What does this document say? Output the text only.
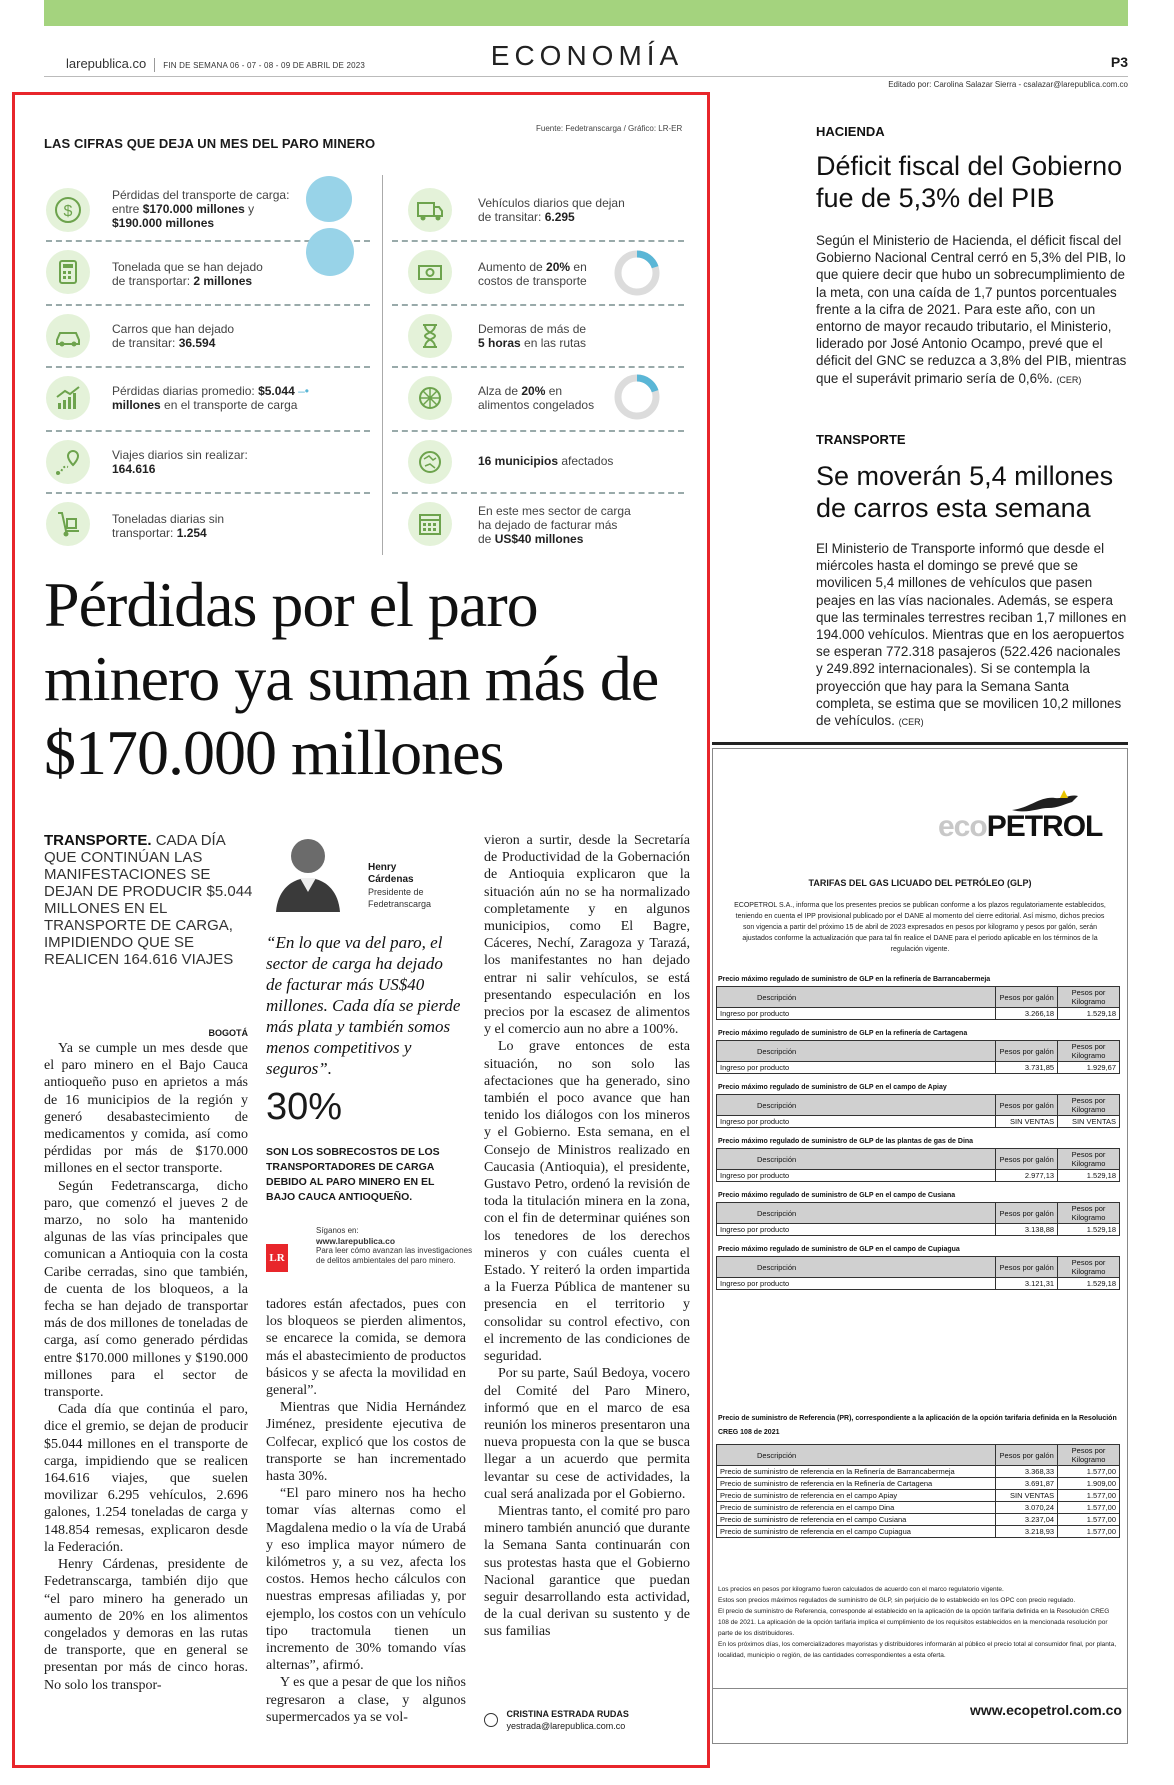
larepublica.co FIN DE SEMANA 06 - 07 - 08 - 09 DE ABRIL DE 2023	ECONOMÍA	P3
Editado por: Carolina Salazar Sierra - csalazar@larepublica.com.co
LAS CIFRAS QUE DEJA UN MES DEL PARO MINERO
Fuente: Fedetranscarga / Gráfico: LR-ER
$
Pérdidas del transporte de carga:
entre $170.000 millones y
$190.000 millones
Tonelada que se han dejado
de transportar: 2 millones
Carros que han dejado
de transitar: 36.594
Pérdidas diarias promedio: $5.044 –•
millones en el transporte de carga
Viajes diarios sin realizar:
164.616
Toneladas diarias sin
transportar: 1.254
Vehículos diarios que dejan
de transitar: 6.295
Aumento de 20% en
costos de transporte
Demoras de más de
5 horas en las rutas
Alza de 20% en
alimentos congelados
16 municipios afectados
En este mes sector de carga
ha dejado de facturar más
de US$40 millones
Pérdidas por el paro minero ya suman más de $170.000 millones
TRANSPORTE. CADA DÍA QUE CONTINÚAN LAS MANIFESTACIONES SE DEJAN DE PRODUCIR $5.044 MILLONES EN EL TRANSPORTE DE CARGA, IMPIDIENDO QUE SE REALICEN 164.616 VIAJES
BOGOTÁ

Ya se cumple un mes desde que el paro minero en el Bajo Cauca antioqueño puso en aprietos a más de 16 municipios de la región y generó desabastecimiento de medicamentos y comida, así como pérdidas por más de $170.000 millones en el sector transporte.

Según Fedetranscarga, dicho paro, que comenzó el jueves 2 de marzo, no solo ha mantenido algunas de las vías principales que comunican a Antioquia con la costa Caribe cerradas, sino que también, de cuenta de los bloqueos, a la fecha se han dejado de transportar más de dos millones de toneladas de carga, así como generado pérdidas entre $170.000 millones y $190.000 millones para el sector de transporte.

Cada día que continúa el paro, dice el gremio, se dejan de producir $5.044 millones en el transporte de carga, impidiendo que se realicen 164.616 viajes, que suelen movilizar 6.295 vehículos, 2.696 galones, 1.254 toneladas de carga y 148.854 remesas, explicaron desde la Federación.

Henry Cárdenas, presidente de Fedetranscarga, también dijo que “el paro minero ha generado un aumento de 20% en los alimentos congelados y demoras en las rutas de transporte, que en general se presentan por más de cinco horas. No solo los transpor-

Henry Cárdenas
Presidente de Fedetranscarga
“En lo que va del paro, el sector de carga ha dejado de facturar más US$40 millones. Cada día se pierde más plata y también somos menos competitivos y seguros”.
30%
SON LOS SOBRECOSTOS DE LOS TRANSPORTADORES DE CARGA DEBIDO AL PARO MINERO EN EL BAJO CAUCA ANTIOQUEÑO.
Síganos en:
www.larepublica.co
Para leer cómo avanzan las investigaciones de delitos ambientales del paro minero.
LR

tadores están afectados, pues con los bloqueos se pierden alimentos, se encarece la comida, se demora más el abastecimiento de productos básicos y se afecta la movilidad en general”.

Mientras que Nidia Hernández Jiménez, presidente ejecutiva de Colfecar, explicó que los costos de transporte se han incrementado hasta 30%.

“El paro minero nos ha hecho tomar vías alternas como el Magdalena medio o la vía de Urabá y eso implica mayor número de kilómetros y, a su vez, afecta los costos. Hemos hecho cálculos con nuestras empresas afiliadas y, por ejemplo, los costos con un vehículo tipo tractomula tienen un incremento de 30% tomando vías alternas”, afirmó.

Y es que a pesar de que los niños regresaron a clase, y algunos supermercados ya se vol-

vieron a surtir, desde la Secretaría de Productividad de la Gobernación de Antioquia explicaron que la situación aún no se ha normalizado completamente y en algunos municipios, como El Bagre, Cáceres, Nechí, Zaragoza y Tarazá, los manifestantes no han dejado entrar ni salir vehículos, se está presentando especulación en los precios por la escasez de alimentos y el comercio aun no abre a 100%.

Lo grave entonces de esta situación, no son solo las afectaciones que ha generado, sino también el poco avance que han tenido los diálogos con los mineros y el Gobierno. Esta semana, en el Consejo de Ministros realizado en Caucasia (Antioquia), el presidente, Gustavo Petro, ordenó la revisión de toda la titulación minera en la zona, con el fin de determinar quiénes son los tenedores de los derechos mineros y con cuáles cuenta el Estado. Y reiteró la orden impartida a la Fuerza Pública de mantener su presencia en el territorio y consolidar su control efectivo, con el incremento de las condiciones de seguridad.

Por su parte, Saúl Bedoya, vocero del Comité del Paro Minero, informó que en el marco de esa reunión los mineros presentaron una nueva propuesta con la que se busca llegar a un acuerdo que permita levantar su cese de actividades, la cual será analizada por el Gobierno.

Mientras tanto, el comité pro paro minero también anunció que durante la Semana Santa continuarán con sus protestas hasta que el Gobierno Nacional garantice que puedan seguir desarrollando esta actividad, de la cual derivan su sustento y de sus familias

CRISTINA ESTRADA RUDAS
yestrada@larepublica.com.co
HACIENDA
Déficit fiscal del Gobierno fue de 5,3% del PIB
Según el Ministerio de Hacienda, el déficit fiscal del Gobierno Nacional Central cerró en 5,3% del PIB, lo que quiere decir que hubo un sobrecumplimiento de la meta, con una caída de 1,7 puntos porcentuales frente a la cifra de 2021. Para este año, con un entorno de mayor recaudo tributario, el Ministerio, liderado por José Antonio Ocampo, prevé que el déficit del GNC se reduzca a 3,8% del PIB, mientras que el superávit primario sería de 0,6%. (CER)
TRANSPORTE
Se moverán 5,4 millones de carros esta semana
El Ministerio de Transporte informó que desde el miércoles hasta el domingo se prevé que se movilicen 5,4 millones de vehículos que pasen peajes en las vías nacionales. Además, se espera que las terminales terrestres reciban 1,7 millones en 194.000 vehículos. Mientras que en los aeropuertos se esperan 772.318 pasajeros (522.426 nacionales y 249.892 internacionales). Si se contempla la proyección que hay para la Semana Santa completa, se estima que se movilicen 10,2 millones de vehículos. (CER)
ecoPETROL
TARIFAS DEL GAS LICUADO DEL PETRÓLEO (GLP)
ECOPETROL S.A., informa que los presentes precios se publican conforme a los plazos regulatoriamente establecidos, teniendo en cuenta el IPP provisional publicado por el DANE al momento del cierre editorial. Así mismo, dichos precios son vigencia a partir del próximo 15 de abril de 2023 expresados en pesos por kilogramo y pesos por galón, serán ajustados conforme la actualización que para tal fin realice el DANE para el periodo aplicable en los términos de la regulación vigente.
Precio máximo regulado de suministro de GLP en la refinería de Barrancabermeja
Descripción	Pesos por galón	Pesos por Kilogramo
Ingreso por producto	3.266,18	1.529,18
Precio máximo regulado de suministro de GLP en la refinería de Cartagena
Descripción	Pesos por galón	Pesos por Kilogramo
Ingreso por producto	3.731,85	1.929,67
Precio máximo regulado de suministro de GLP en el campo de Apiay
Descripción	Pesos por galón	Pesos por Kilogramo
Ingreso por producto	SIN VENTAS	SIN VENTAS
Precio máximo regulado de suministro de GLP de las plantas de gas de Dina
Descripción	Pesos por galón	Pesos por Kilogramo
Ingreso por producto	2.977,13	1.529,18
Precio máximo regulado de suministro de GLP en el campo de Cusiana
Descripción	Pesos por galón	Pesos por Kilogramo
Ingreso por producto	3.138,88	1.529,18
Precio máximo regulado de suministro de GLP en el campo de Cupiagua
Descripción	Pesos por galón	Pesos por Kilogramo
Ingreso por producto	3.121,31	1.529,18
Precio de suministro de Referencia (PR), correspondiente a la aplicación de la opción tarifaria definida en la Resolución CREG 108 de 2021
Descripción	Pesos por galón	Pesos por Kilogramo
Precio de suministro de referencia en la Refinería de Barrancabermeja	3.368,33	1.577,00
Precio de suministro de referencia en la Refinería de Cartagena	3.691,87	1.909,00
Precio de suministro de referencia en el campo Apiay	SIN VENTAS	1.577,00
Precio de suministro de referencia en el campo Dina	3.070,24	1.577,00
Precio de suministro de referencia en el campo Cusiana	3.237,04	1.577,00
Precio de suministro de referencia en el campo Cupiagua	3.218,93	1.577,00
Los precios en pesos por kilogramo fueron calculados de acuerdo con el marco regulatorio vigente.
Estos son precios máximos regulados de suministro de GLP, sin perjuicio de lo establecido en los OPC con precio regulado.
El precio de suministro de Referencia, corresponde al establecido en la aplicación de la opción tarifaria definida en la Resolución CREG 108 de 2021. La aplicación de la opción tarifaria implica el cumplimiento de los requisitos establecidos en la mencionada resolución por parte de los distribuidores.
En los próximos días, los comercializadores mayoristas y distribuidores informarán al público el precio total al consumidor final, por planta, localidad, municipio o región, de las cantidades correspondientes a esta oferta.
www.ecopetrol.com.co
